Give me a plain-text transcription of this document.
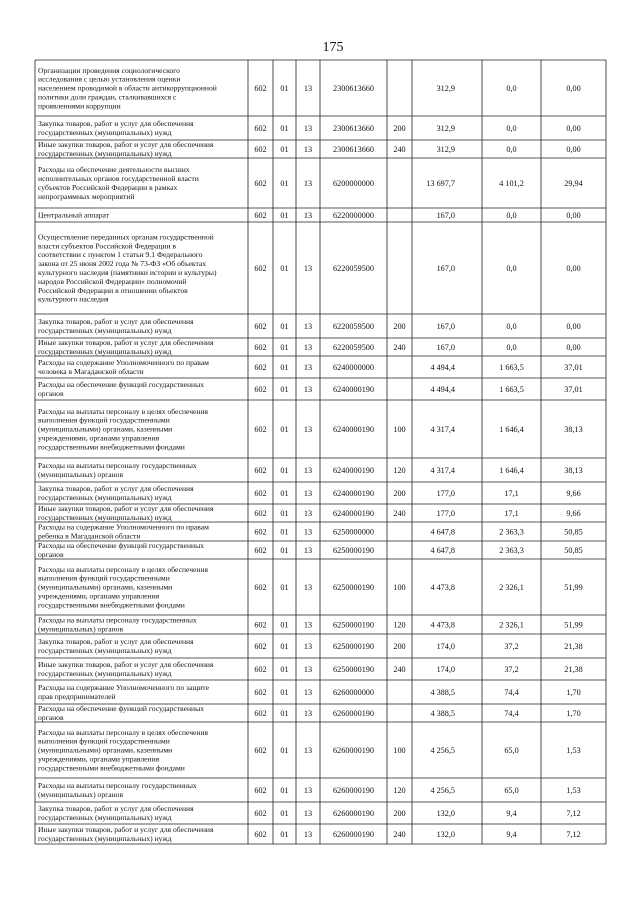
175
Организации проведения социологического
исследования с целью установления оценки
населением проводимой в области антикоррупционной
политики доли граждан, сталкивавшихся с
проявлениями коррупции
602 01 13	2300613660	312,9	0,0	0,00
Закупка товаров, работ и услуг для обеспечения
государственных (муниципальных) нужд	602 01 13	2300613660 200	312,9	0,0	0,00
Иные закупки товаров, работ и услуг для обеспечения
государственных (муниципальных) нужд	602 01 13	2300613660 240	312,9	0,0	0,00
Расходы на обеспечение деятельности высших
исполнительных органов государственной власти
субъектов Российской Федерации в рамках
непрограммных мероприятий
602 01 13	6200000000	13 697,7	4 101,2	29,94
Центральный аппарат	602 01 13	6220000000	167,0	0,0	0,00
Осуществление переданных органам государственной
власти субъектов Российской Федерации в
соответствии с пунктом 1 статьи 9.1 Федерального
закона от 25 июня 2002 года № 73-ФЗ «Об объектах
культурного наследия (памятники истории и культуры)
народов Российской Федерации» полномочий
Российской Федерации в отношении объектов
культурного наследия
602 01 13	6220059500	167,0	0,0	0,00
Закупка товаров, работ и услуг для обеспечения
государственных (муниципальных) нужд	602 01 13	6220059500 200	167,0	0,0	0,00
Иные закупки товаров, работ и услуг для обеспечения
государственных (муниципальных) нужд	602 01 13	6220059500 240	167,0	0,0	0,00
Расходы на содержание Уполномоченного по правам
человека в Магаданской области	602 01 13	6240000000	4 494,4	1 663,5	37,01
Расходы на обеспечение функций государственных
органов	602 01 13	6240000190	4 494,4	1 663,5	37,01
Расходы на выплаты персоналу в целях обеспечения
выполнения функций государственными
(муниципальными) органами, казенными
учреждениями, органами управления
государственными внебюджетными фондами
602 01 13	6240000190 100	4 317,4	1 646,4	38,13
Расходы на выплаты персоналу государственных
(муниципальных) органов	602 01 13	6240000190 120	4 317,4	1 646,4	38,13
Закупка товаров, работ и услуг для обеспечения
государственных (муниципальных) нужд	602 01 13	6240000190 200	177,0	17,1	9,66
Иные закупки товаров, работ и услуг для обеспечения
государственных (муниципальных) нужд	602 01 13	6240000190 240	177,0	17,1	9,66
Расходы на содержание Уполномоченного по правам
ребенка в Магаданской области	602 01 13	6250000000	4 647,8	2 363,3	50,85
Расходы на обеспечение функций государственных
органов	602 01 13	6250000190	4 647,8	2 363,3	50,85
Расходы на выплаты персоналу в целях обеспечения
выполнения функций государственными
(муниципальными) органами, казенными
учреждениями, органами управления
государственными внебюджетными фондами
602 01 13	6250000190 100	4 473,8	2 326,1	51,99
Расходы на выплаты персоналу государственных
(муниципальных) органов	602 01 13	6250000190 120	4 473,8	2 326,1	51,99
Закупка товаров, работ и услуг для обеспечения
государственных (муниципальных) нужд	602 01 13	6250000190 200	174,0	37,2	21,38
Иные закупки товаров, работ и услуг для обеспечения
государственных (муниципальных) нужд	602 01 13	6250000190 240	174,0	37,2	21,38
Расходы на содержание Уполномоченного по защите
прав предпринимателей	602 01 13	6260000000	4 388,5	74,4	1,70
Расходы на обеспечение функций государственных
органов	602 01 13	6260000190	4 388,5	74,4	1,70
Расходы на выплаты персоналу в целях обеспечения
выполнения функций государственными
(муниципальными) органами, казенными
учреждениями, органами управления
государственными внебюджетными фондами
602 01 13	6260000190 100	4 256,5	65,0	1,53
Расходы на выплаты персоналу государственных
(муниципальных) органов	602 01 13	6260000190 120	4 256,5	65,0	1,53
Закупка товаров, работ и услуг для обеспечения
государственных (муниципальных) нужд	602 01 13	6260000190 200	132,0	9,4	7,12
Иные закупки товаров, работ и услуг для обеспечения
государственных (муниципальных) нужд	602 01 13	6260000190 240	132,0	9,4	7,12
